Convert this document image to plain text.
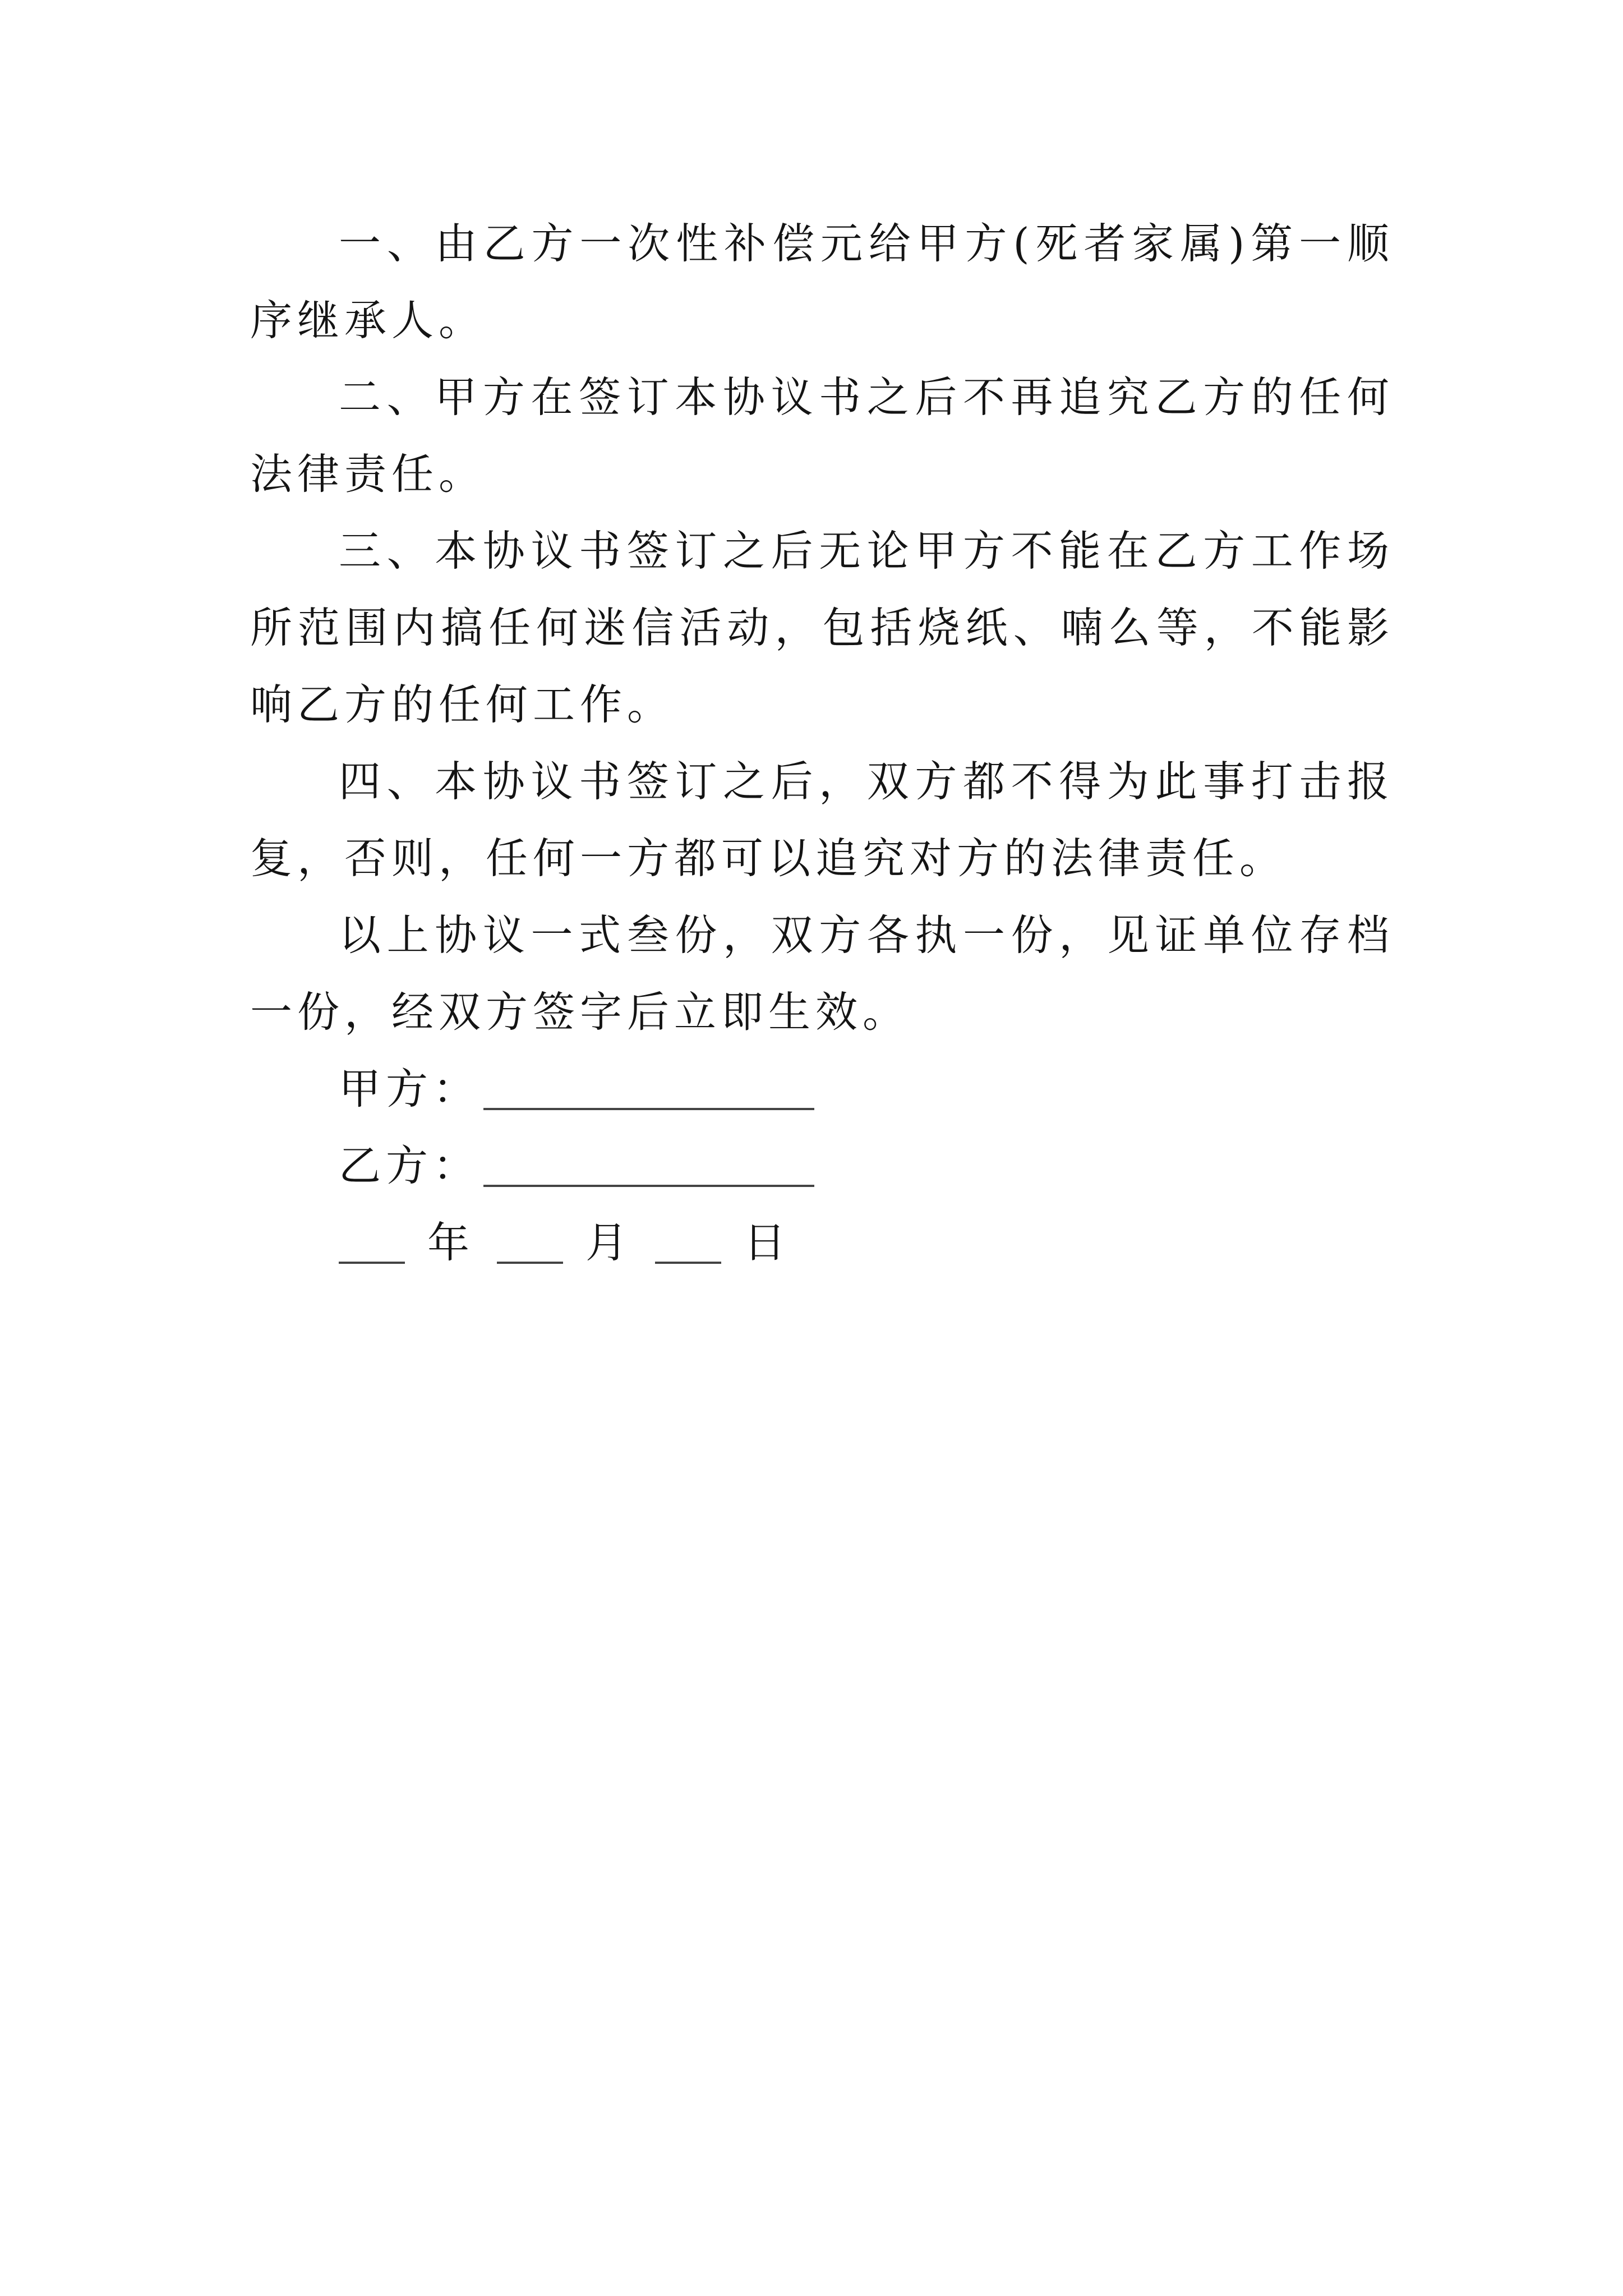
一、由乙方一次性补偿元给甲方(死者家属)第一顺序继承人。

二、甲方在签订本协议书之后不再追究乙方的任何法律责任。

三、本协议书签订之后无论甲方不能在乙方工作场所范围内搞任何迷信活动，包括烧纸、喃么等，不能影响乙方的任何工作。

四、本协议书签订之后，双方都不得为此事打击报复，否则，任何一方都可以追究对方的法律责任。

以上协议一式叁份，双方各执一份，见证单位存档一份，经双方签字后立即生效。

甲方：
乙方：
年	月	日
